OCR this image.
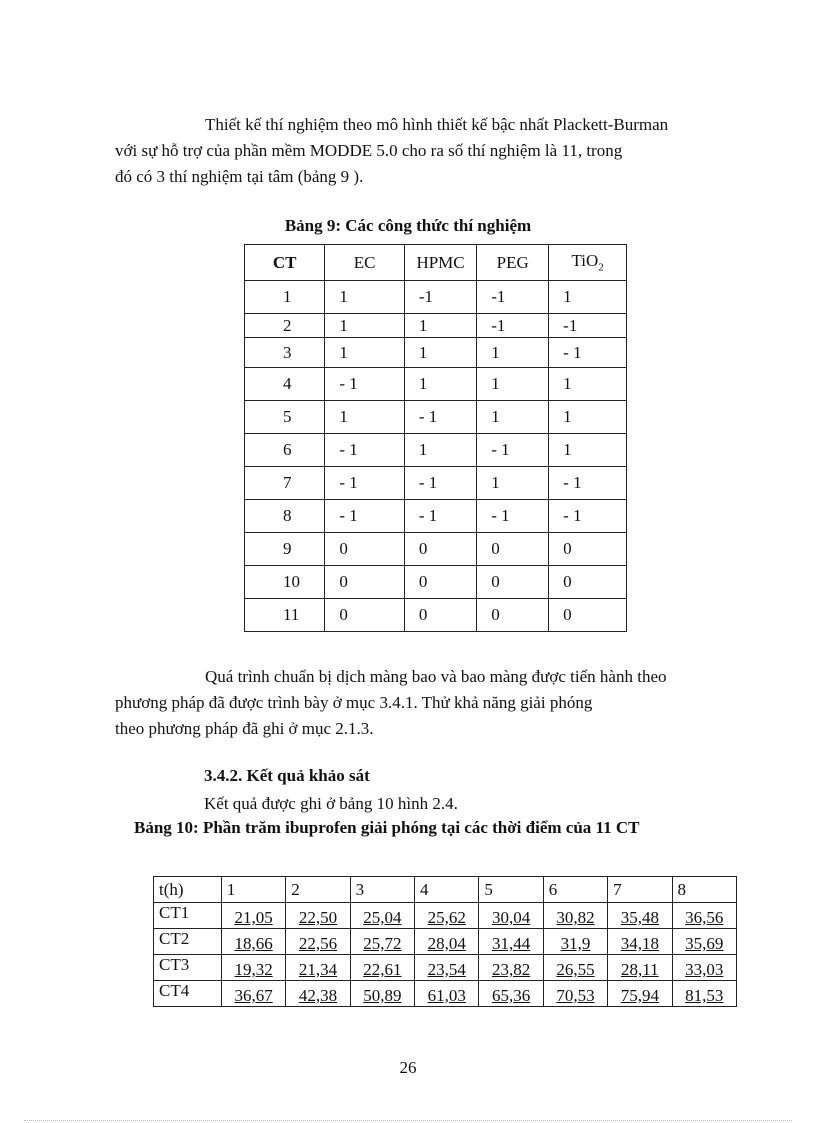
Thiết kế thí nghiệm theo mô hình thiết kế bậc nhất Plackett-Burman
với sự hỗ trợ của phần mềm MODDE 5.0 cho ra số thí nghiệm là 11, trong
đó có 3 thí nghiệm tại tâm (bảng 9 ).

Bảng 9: Các công thức thí nghiệm

CT	EC	HPMC	PEG	TiO$_2$
1	1	-1	-1	1
2	1	1	-1	-1
3	1	1	1	- 1
4	- 1	1	1	1
5	1	- 1	1	1
6	- 1	1	- 1	1
7	- 1	- 1	1	- 1
8	- 1	- 1	- 1	- 1
9	0	0	0	0
10	0	0	0	0
11	0	0	0	0

Quá trình chuẩn bị dịch màng bao và bao màng được tiến hành theo
phương pháp đã được trình bày ở mục 3.4.1. Thử khả năng giải phóng
theo phương pháp đã ghi ở mục 2.1.3.

3.4.2. Kết quả khảo sát

Kết quả được ghi ở bảng 10 hình 2.4.

Bảng 10: Phần trăm ibuprofen giải phóng tại các thời điểm của 11 CT

t(h)	1	2	3	4	5	6	7	8
CT1	21,05	22,50	25,04	25,62	30,04	30,82	35,48	36,56
CT2	18,66	22,56	25,72	28,04	31,44	31,9	34,18	35,69
CT3	19,32	21,34	22,61	23,54	23,82	26,55	28,11	33,03
CT4	36,67	42,38	50,89	61,03	65,36	70,53	75,94	81,53
26
